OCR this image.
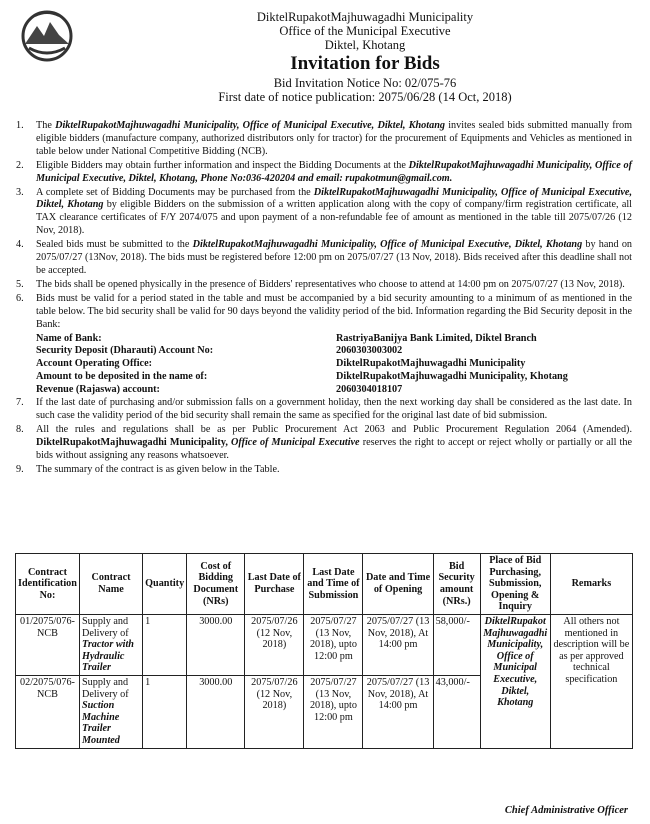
DiktelRupakotMajhuwagadhi Municipality
Office of the Municipal Executive
Diktel, Khotang
Invitation for Bids
Bid Invitation Notice No: 02/075-76
First date of notice publication: 2075/06/28 (14 Oct, 2018)
1.	The DiktelRupakotMajhuwagadhi Municipality, Office of Municipal Executive, Diktel, Khotang invites sealed bids submitted manually from eligible bidders (manufacture company, authorized distributors only for tractor) for the procurement of Equipments and Vehicles as mentioned in table below under National Competitive Bidding (NCB).
2.	Eligible Bidders may obtain further information and inspect the Bidding Documents at the DiktelRupakotMajhuwagadhi Municipality, Office of Municipal Executive, Diktel, Khotang, Phone No:036-420204 and email: rupakotmun@gmail.com.
3.	A complete set of Bidding Documents may be purchased from the DiktelRupakotMajhuwagadhi Municipality, Office of Municipal Executive, Diktel, Khotang by eligible Bidders on the submission of a written application along with the copy of company/firm registration certificate, all TAX clearance certificates of F/Y 2074/075 and upon payment of a non-refundable fee of amount as mentioned in the table till 2075/07/26 (12 Nov, 2018).
4.	Sealed bids must be submitted to the DiktelRupakotMajhuwagadhi Municipality, Office of Municipal Executive, Diktel, Khotang by hand on 2075/07/27 (13Nov, 2018). The bids must be registered before 12:00 pm on 2075/07/27 (13 Nov, 2018). Bids received after this deadline shall not be accepted.
5.	The bids shall be opened physically in the presence of Bidders' representatives who choose to attend at 14:00 pm on 2075/07/27 (13 Nov, 2018).
6.	Bids must be valid for a period stated in the table and must be accompanied by a bid security amounting to a minimum of as mentioned in the table below. The bid security shall be valid for 90 days beyond the validity period of the bid. Information regarding the Bid Security deposit in the Bank:
Name of Bank:	RastriyaBanijya Bank Limited, Diktel Branch
Security Deposit (Dharauti) Account No:	2060303003002
Account Operating Office:	DiktelRupakotMajhuwagadhi Municipality
Amount to be deposited in the name of:	DiktelRupakotMajhuwagadhi Municipality, Khotang
Revenue (Rajaswa) account:	2060304018107
7.	If the last date of purchasing and/or submission falls on a government holiday, then the next working day shall be considered as the last date. In such case the validity period of the bid security shall remain the same as specified for the original last date of bid submission.
8.	All the rules and regulations shall be as per Public Procurement Act 2063 and Public Procurement Regulation 2064 (Amended). DiktelRupakotMajhuwagadhi Municipality, Office of Municipal Executive reserves the right to accept or reject wholly or partially or all the bids without assigning any reasons whatsoever.
9.	The summary of the contract is as given below in the Table.
Contract Identification No:	Contract Name	Quantity	Cost of Bidding Document (NRs)	Last Date of Purchase	Last Date and Time of Submission	Date and Time of Opening	Bid Security amount (NRs.)	Place of Bid Purchasing, Submission, Opening & Inquiry	Remarks
01/2075/076-NCB	Supply and Delivery of Tractor with Hydraulic Trailer	1	3000.00	2075/07/26 (12 Nov, 2018)	2075/07/27 (13 Nov, 2018), upto 12:00 pm	2075/07/27 (13 Nov, 2018), At 14:00 pm	58,000/-	DiktelRupakot Majhuwagadhi Municipality, Office of Municipal Executive, Diktel, Khotang	All others not mentioned in description will be as per approved technical specification
02/2075/076-NCB	Supply and Delivery of Suction Machine Trailer Mounted	1	3000.00	2075/07/26 (12 Nov, 2018)	2075/07/27 (13 Nov, 2018), upto 12:00 pm	2075/07/27 (13 Nov, 2018), At 14:00 pm	43,000/-		
Chief Administrative Officer
